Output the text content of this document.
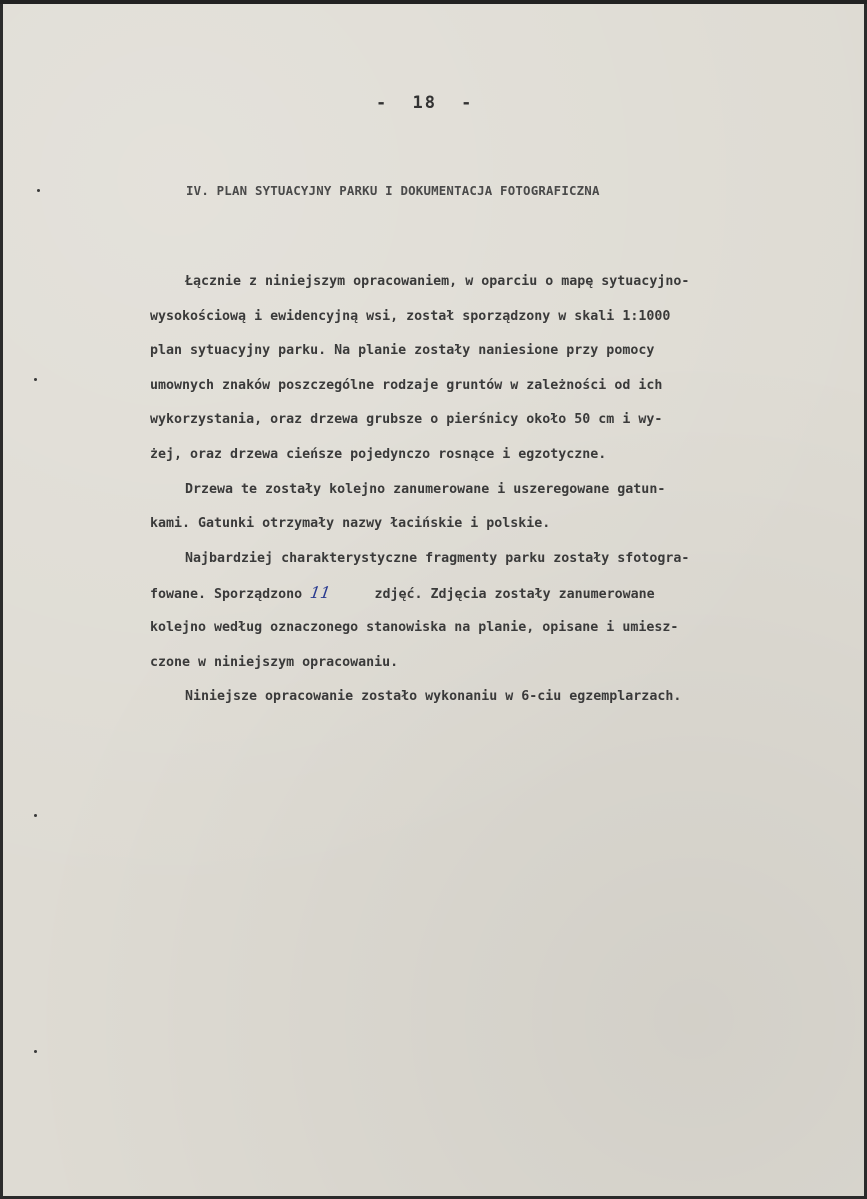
- 18 -
IV. PLAN SYTUACYJNY PARKU I DOKUMENTACJA FOTOGRAFICZNA
Łącznie z niniejszym opracowaniem, w oparciu o mapę sytuacyjno-
wysokościową i ewidencyjną wsi, został sporządzony w skali 1:1000
plan sytuacyjny parku. Na planie zostały naniesione przy pomocy
umownych znaków poszczególne rodzaje gruntów w zależności od ich
wykorzystania, oraz drzewa grubsze o pierśnicy około 50 cm i wy-
żej, oraz drzewa cieńsze pojedynczo rosnące i egzotyczne.
Drzewa te zostały kolejno zanumerowane i uszeregowane gatun-
kami. Gatunki otrzymały nazwy łacińskie i polskie.
Najbardziej charakterystyczne fragmenty parku zostały sfotogra-
fowane. Sporządzono 11	zdjęć. Zdjęcia zostały zanumerowane
kolejno według oznaczonego stanowiska na planie, opisane i umiesz-
czone w niniejszym opracowaniu.
Niniejsze opracowanie zostało wykonaniu w 6-ciu egzemplarzach.
